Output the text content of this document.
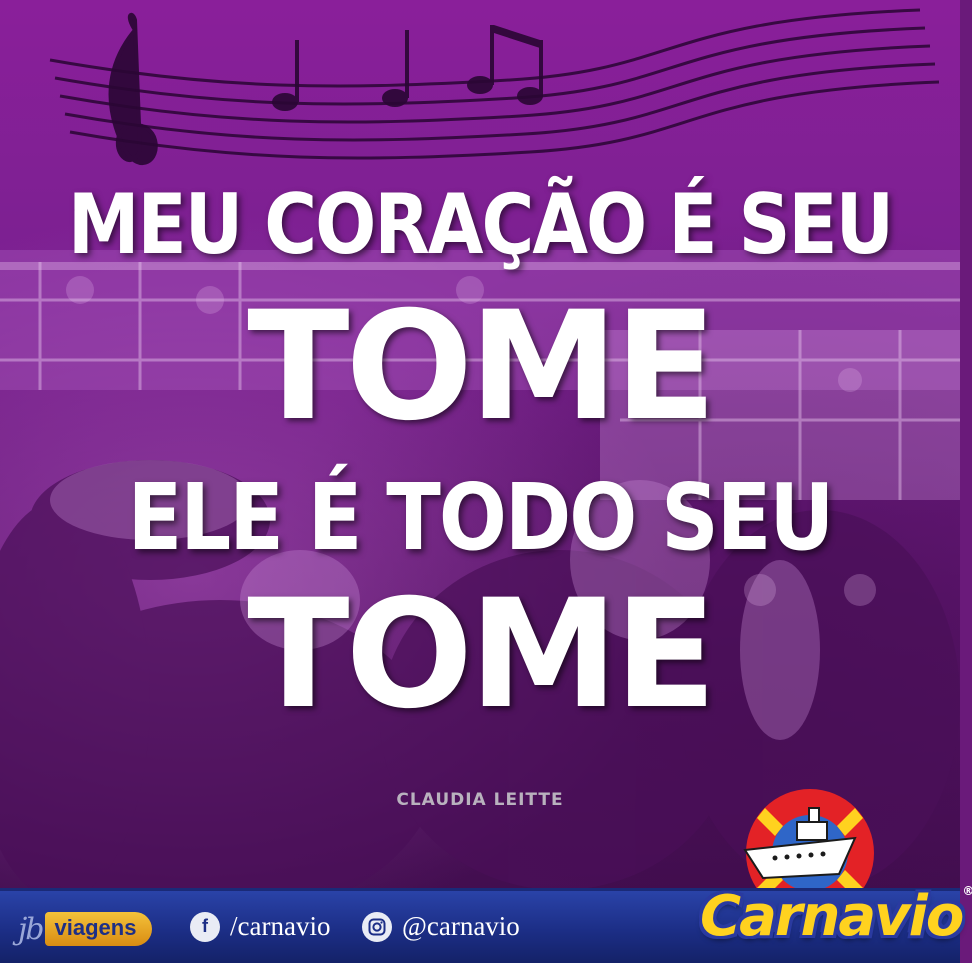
MEU CORAÇÃO É SEU
TOME
ELE É TODO SEU
TOME
CLAUDIA LEITTE
jb viagens	f /carnavio	@carnavio	Carnavio®
